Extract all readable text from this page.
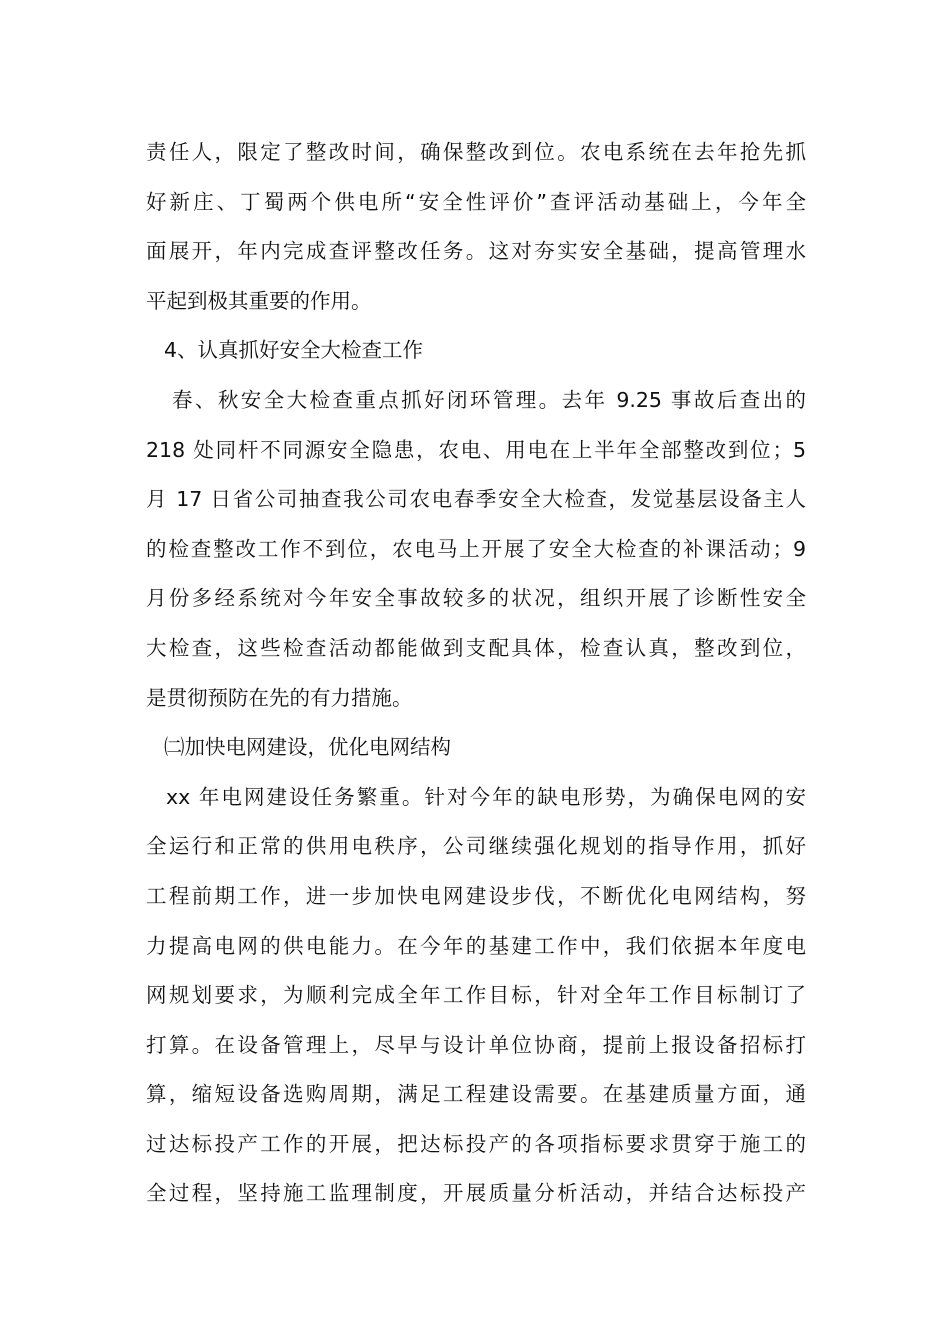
责任人，限定了整改时间，确保整改到位。农电系统在去年抢先抓
好新庄、丁蜀两个供电所“安全性评价”查评活动基础上，今年全
面展开，年内完成查评整改任务。这对夯实安全基础，提高管理水
平起到极其重要的作用。
4、认真抓好安全大检查工作
春、秋安全大检查重点抓好闭环管理。去年 9.25 事故后查出的
218 处同杆不同源安全隐患，农电、用电在上半年全部整改到位；5
月 17 日省公司抽查我公司农电春季安全大检查，发觉基层设备主人
的检查整改工作不到位，农电马上开展了安全大检查的补课活动；9
月份多经系统对今年安全事故较多的状况，组织开展了诊断性安全
大检查，这些检查活动都能做到支配具体，检查认真，整改到位，
是贯彻预防在先的有力措施。
㈡加快电网建设，优化电网结构
xx 年电网建设任务繁重。针对今年的缺电形势，为确保电网的安
全运行和正常的供用电秩序，公司继续强化规划的指导作用，抓好
工程前期工作，进一步加快电网建设步伐，不断优化电网结构，努
力提高电网的供电能力。在今年的基建工作中，我们依据本年度电
网规划要求，为顺利完成全年工作目标，针对全年工作目标制订了
打算。在设备管理上，尽早与设计单位协商，提前上报设备招标打
算，缩短设备选购周期，满足工程建设需要。在基建质量方面，通
过达标投产工作的开展，把达标投产的各项指标要求贯穿于施工的
全过程，坚持施工监理制度，开展质量分析活动，并结合达标投产
